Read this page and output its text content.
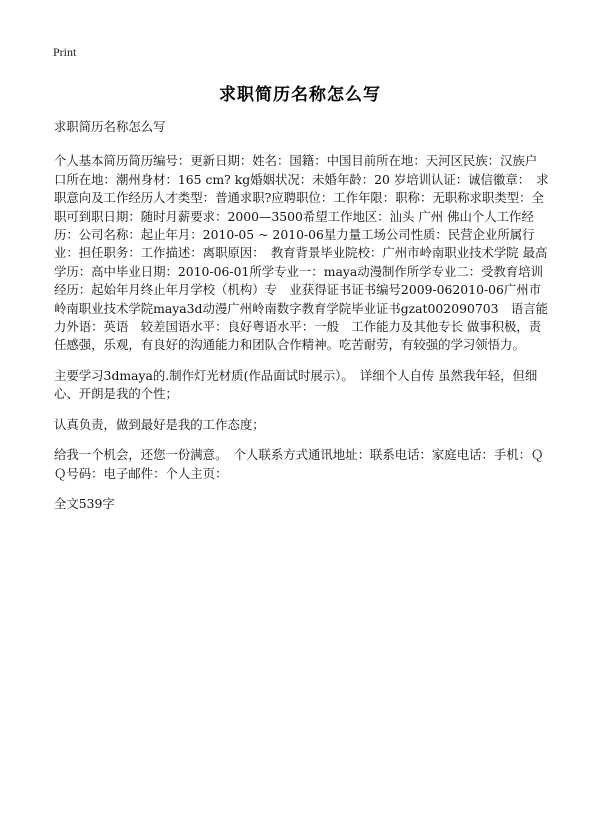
Print
求职简历名称怎么写

求职简历名称怎么写

个人基本简历简历编号：更新日期：姓名：国籍：中国目前所在地：天河区民族：汉族户口所在地：潮州身材：165 cm? kg婚姻状况：未婚年龄：20 岁培训认证：诚信徽章：　求职意向及工作经历人才类型：普通求职?应聘职位：工作年限：职称：无职称求职类型：全职可到职日期：随时月薪要求：2000—3500希望工作地区：汕头 广州 佛山个人工作经历：公司名称：起止年月：2010-05 ~ 2010-06星力量工场公司性质：民营企业所属行业：担任职务：工作描述：离职原因：　教育背景毕业院校：广州市岭南职业技术学院 最高学历：高中毕业日期：2010-06-01所学专业一：maya动漫制作所学专业二：受教育培训经历：起始年月终止年月学校（机构）专　业获得证书证书编号2009-062010-06广州市岭南职业技术学院maya3d动漫广州岭南数字教育学院毕业证书gzat002090703　语言能力外语：英语　较差国语水平：良好粤语水平：一般　工作能力及其他专长 做事积极，责任感强，乐观，有良好的沟通能力和团队合作精神。吃苦耐劳，有较强的学习领悟力。

主要学习3dmaya的.制作灯光材质(作品面试时展示）。　详细个人自传 虽然我年轻，但细心、开朗是我的个性；

认真负责，做到最好是我的工作态度；

给我一个机会，还您一份满意。　个人联系方式通讯地址：联系电话：家庭电话：手机：ＱＱ号码：电子邮件：个人主页：

全文539字
